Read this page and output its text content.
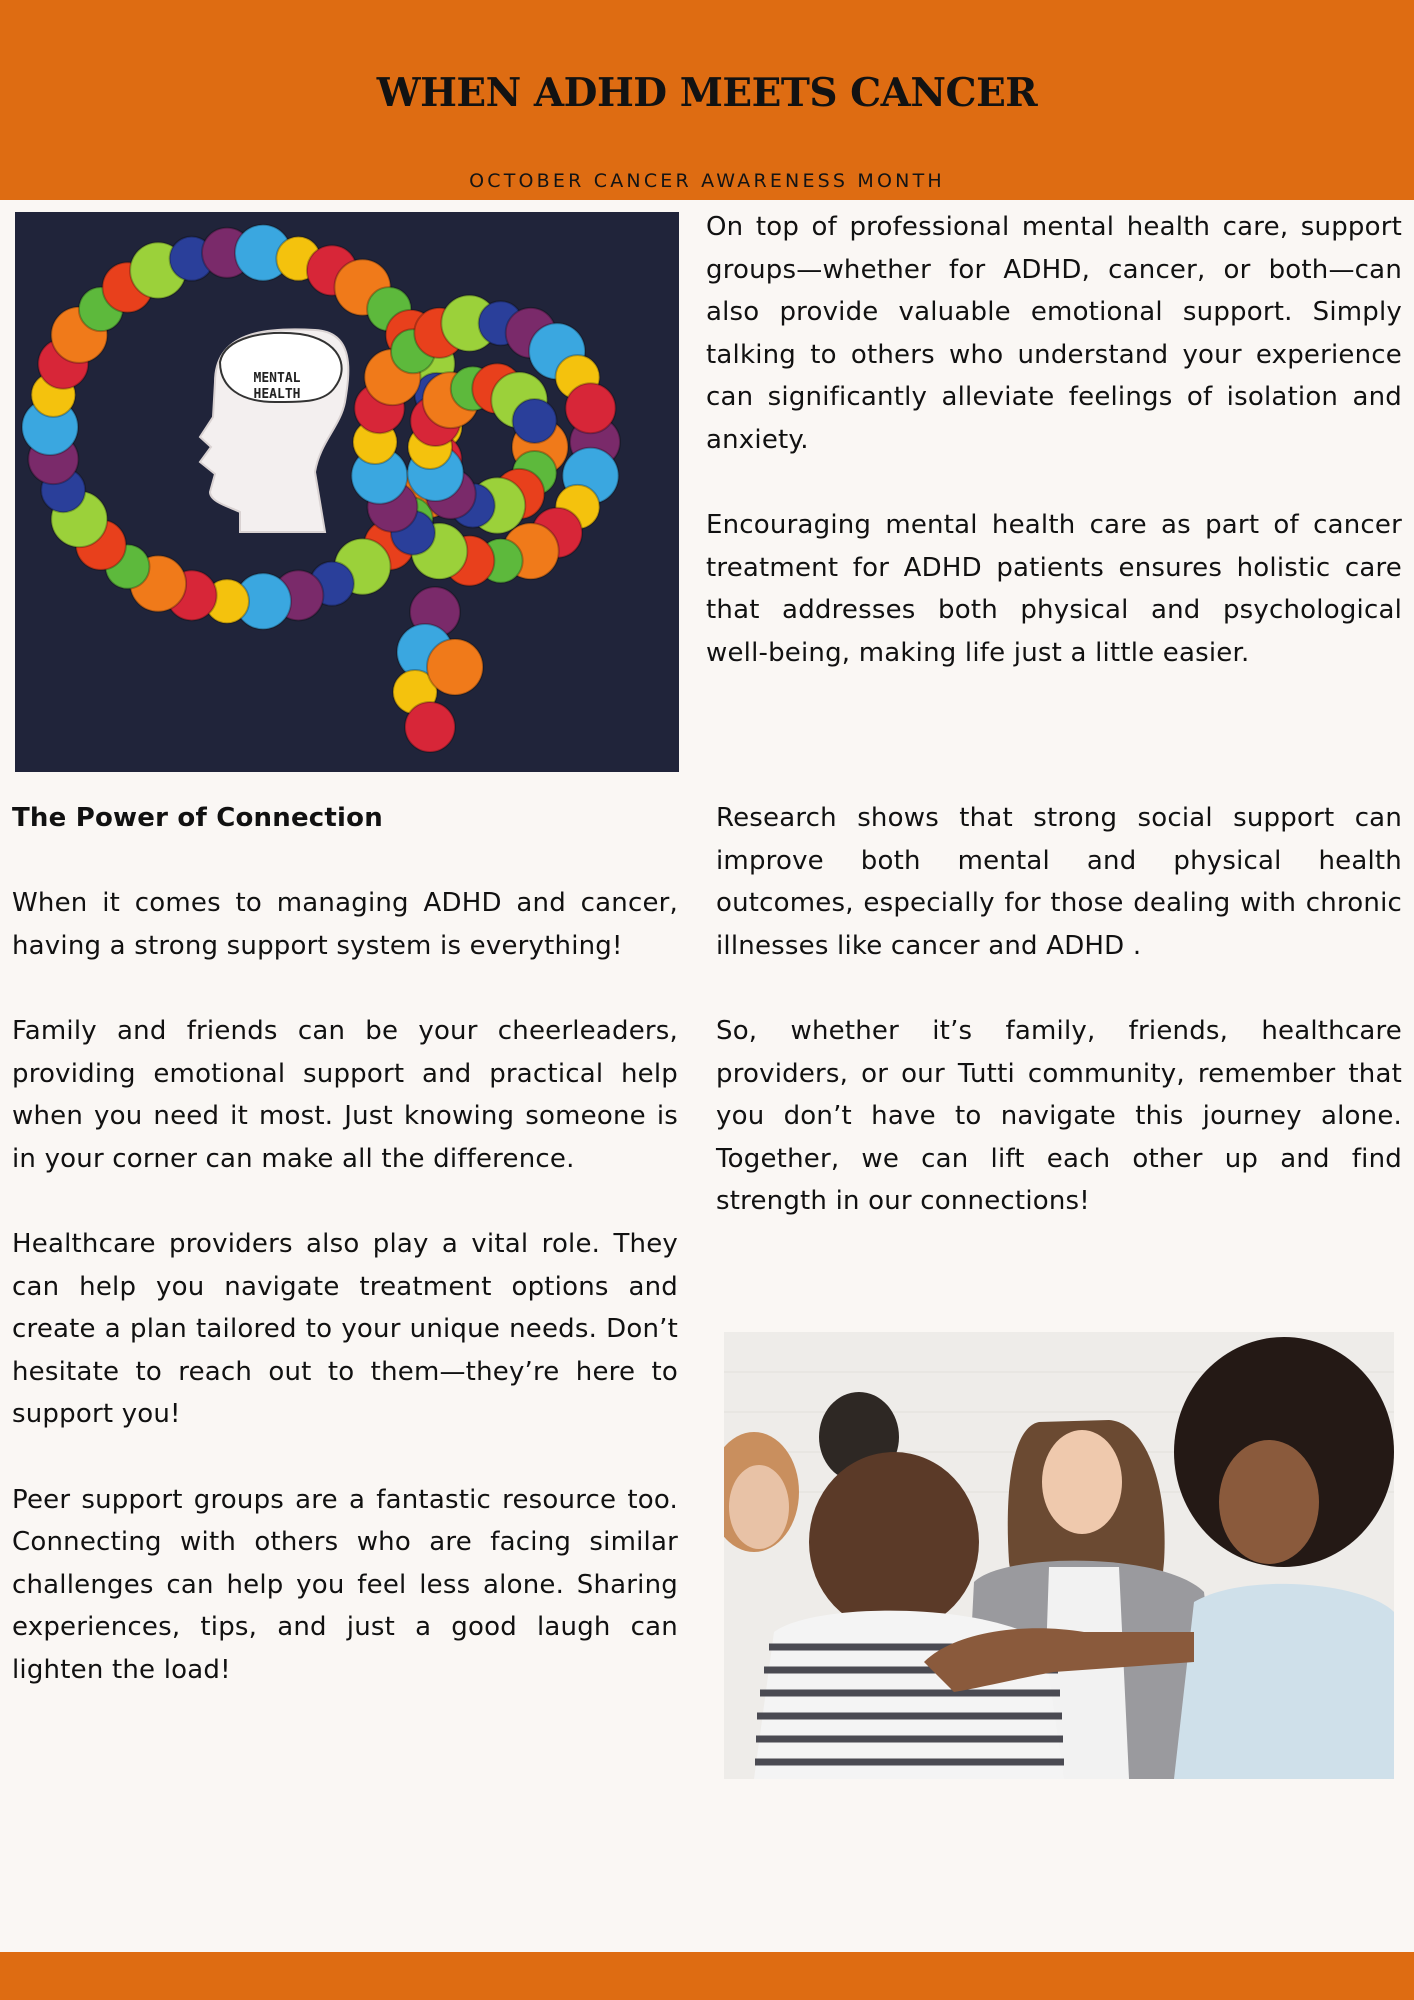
WHEN ADHD MEETS CANCER
OCTOBER CANCER AWARENESS MONTH
MENTAL
HEALTH

On top of professional mental health care, support groups—whether for ADHD, cancer, or both—can also provide valuable emotional support. Simply talking to others who understand your experience can significantly alleviate feelings of isolation and anxiety.

Encouraging mental health care as part of cancer treatment for ADHD patients ensures holistic care that addresses both physical and psychological well-being, making life just a little easier.

The Power of Connection

When it comes to managing ADHD and cancer, having a strong support system is everything!

Family and friends can be your cheerleaders, providing emotional support and practical help when you need it most. Just knowing someone is in your corner can make all the difference.

Healthcare providers also play a vital role. They can help you navigate treatment options and create a plan tailored to your unique needs. Don’t hesitate to reach out to them—they’re here to support you!

Peer support groups are a fantastic resource too. Connecting with others who are facing similar challenges can help you feel less alone. Sharing experiences, tips, and just a good laugh can lighten the load!

Research shows that strong social support can improve both mental and physical health outcomes, especially for those dealing with chronic illnesses like cancer and ADHD .

So, whether it’s family, friends, healthcare providers, or our Tutti community, remember that you don’t have to navigate this journey alone. Together, we can lift each other up and find strength in our connections!
